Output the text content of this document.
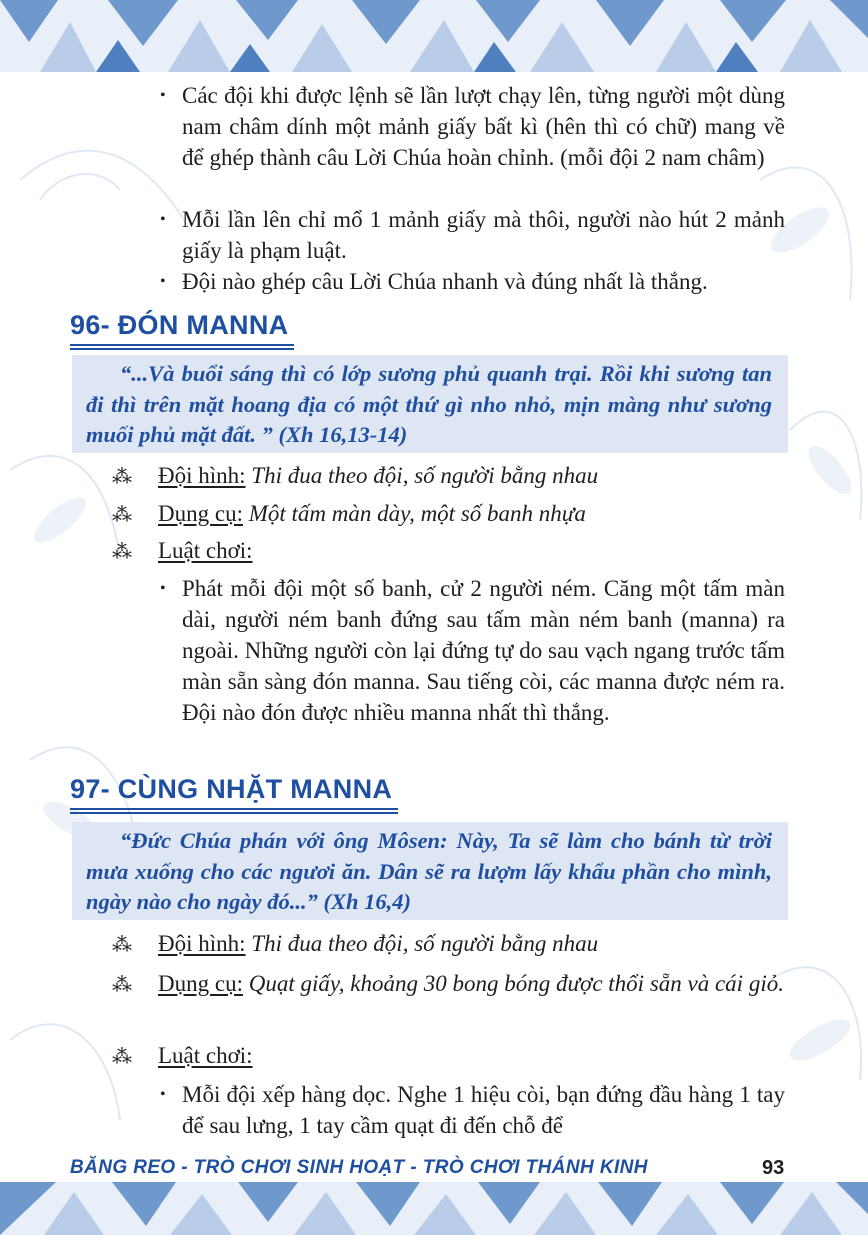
• Các đội khi được lệnh sẽ lần lượt chạy lên, từng người một dùng nam châm dính một mảnh giấy bất kì (hên thì có chữ) mang về để ghép thành câu Lời Chúa hoàn chỉnh. (mỗi đội 2 nam châm)
• Mỗi lần lên chỉ mổ 1 mảnh giấy mà thôi, người nào hút 2 mảnh giấy là phạm luật.
• Đội nào ghép câu Lời Chúa nhanh và đúng nhất là thắng.
96- ĐÓN MANNA
“...Và buổi sáng thì có lớp sương phủ quanh trại. Rồi khi sương tan đi thì trên mặt hoang địa có một thứ gì nho nhỏ, mịn màng như sương muối phủ mặt đất. ” (Xh 16,13-14)
⁂ Đội hình: Thi đua theo đội, số người bằng nhau
⁂ Dụng cụ: Một tấm màn dày, một số banh nhựa
⁂ Luật chơi:
• Phát mỗi đội một số banh, cử 2 người ném. Căng một tấm màn dài, người ném banh đứng sau tấm màn ném banh (manna) ra ngoài. Những người còn lại đứng tự do sau vạch ngang trước tấm màn sẵn sàng đón manna. Sau tiếng còi, các manna được ném ra. Đội nào đón được nhiều manna nhất thì thắng.
97- CÙNG NHẶT MANNA
“Đức Chúa phán với ông Môsen: Này, Ta sẽ làm cho bánh từ trời mưa xuống cho các ngươi ăn. Dân sẽ ra lượm lấy khẩu phần cho mình, ngày nào cho ngày đó...” (Xh 16,4)
⁂ Đội hình: Thi đua theo đội, số người bằng nhau
⁂ Dụng cụ: Quạt giấy, khoảng 30 bong bóng được thổi sẵn và cái giỏ.
⁂ Luật chơi:
• Mỗi đội xếp hàng dọc. Nghe 1 hiệu còi, bạn đứng đầu hàng 1 tay để sau lưng, 1 tay cầm quạt đi đến chỗ để
BĂNG REO - TRÒ CHƠI SINH HOẠT - TRÒ CHƠI THÁNH KINH	93
